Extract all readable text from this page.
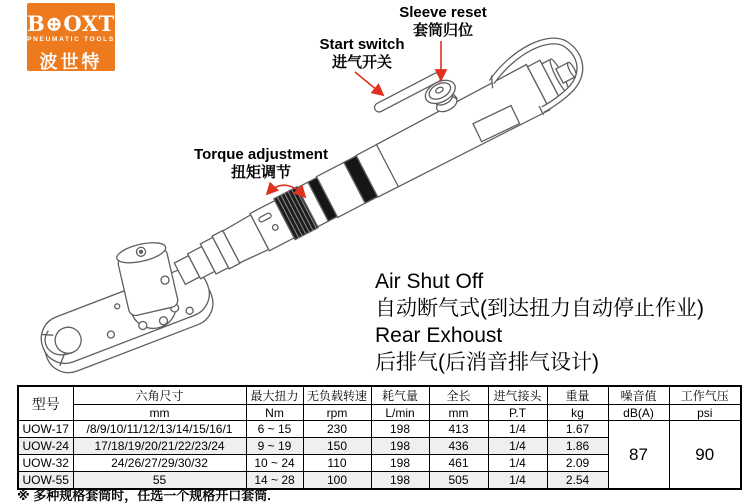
B⊕OXT®
PNEUMATIC TOOLS
波世特
Sleeve reset
套筒归位
Start switch
进气开关
Torque adjustment
扭矩调节
Air Shut Off
自动断气式(到达扭力自动停止作业)
Rear Exhoust
后排气(后消音排气设计)
型号	六角尺寸	最大扭力	无负载转速	耗气量	全长	进气接头	重量	噪音值	工作气压
	mm	Nm	rpm	L/min	mm	P.T	kg	dB(A)	psi
UOW-17	/8/9/10/11/12/13/14/15/16/1	6 ~ 15	230	198	413	1/4	1.67	87	90
UOW-24	17/18/19/20/21/22/23/24	9 ~ 19	150	198	436	1/4	1.86		
UOW-32	24/26/27/29/30/32	10 ~ 24	110	198	461	1/4	2.09		
UOW-55	55	14 ~ 28	100	198	505	1/4	2.54		
※ 多种规格套筒时，任选一个规格开口套筒.
